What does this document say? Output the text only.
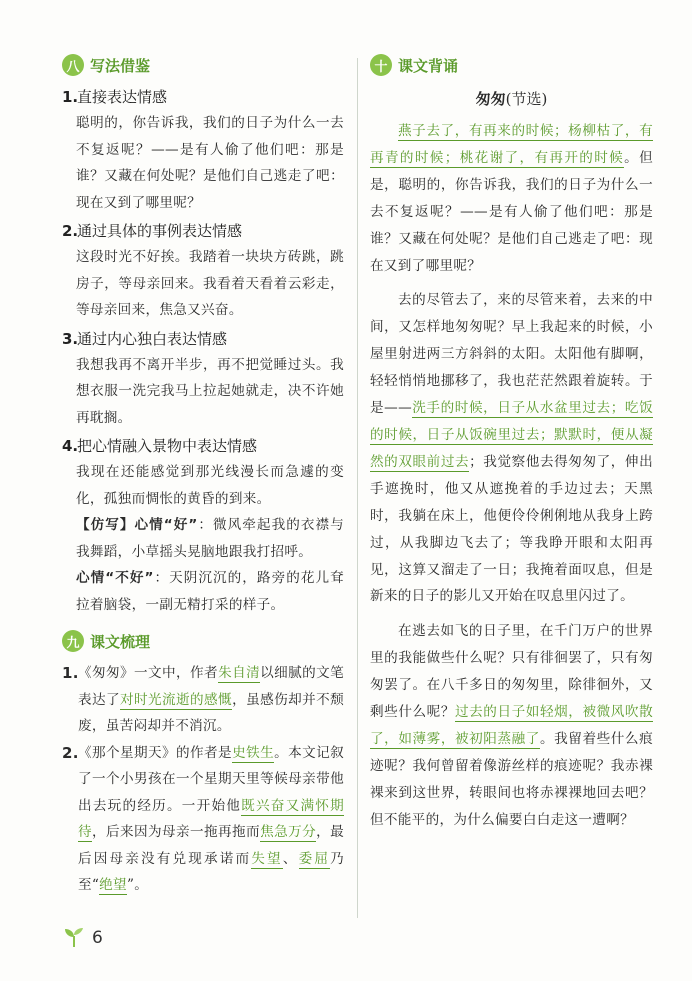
八 写法借鉴
1.
直接表达情感

聪明的，你告诉我，我们的日子为什么一去不复返呢？——是有人偷了他们吧：那是谁？又藏在何处呢？是他们自己逃走了吧：现在又到了哪里呢？

2.
通过具体的事例表达情感

这段时光不好挨。我踏着一块块方砖跳，跳房子，等母亲回来。我看着天看着云彩走，等母亲回来，焦急又兴奋。

3.
通过内心独白表达情感

我想我再不离开半步，再不把觉睡过头。我想衣服一洗完我马上拉起她就走，决不许她再耽搁。

4.
把心情融入景物中表达情感

我现在还能感觉到那光线漫长而急遽的变化，孤独而惆怅的黄昏的到来。
【仿写】心情“好”：微风牵起我的衣襟与我舞蹈，小草摇头晃脑地跟我打招呼。
心情“不好”：天阴沉沉的，路旁的花儿耷拉着脑袋，一副无精打采的样子。

九 课文梳理
1. 《匆匆》一文中，作者朱自清以细腻的文笔表达了对时光流逝的感慨，虽感伤却并不颓废，虽苦闷却并不消沉。
2. 《那个星期天》的作者是史铁生。本文记叙了一个小男孩在一个星期天里等候母亲带他出去玩的经历。一开始他既兴奋又满怀期待，后来因为母亲一拖再拖而焦急万分，最后因母亲没有兑现承诺而失望、委屈乃至“绝望”。
十 课文背诵
匆匆(节选)

燕子去了，有再来的时候；杨柳枯了，有再青的时候；桃花谢了，有再开的时候。但是，聪明的，你告诉我，我们的日子为什么一去不复返呢？——是有人偷了他们吧：那是谁？又藏在何处呢？是他们自己逃走了吧：现在又到了哪里呢？

去的尽管去了，来的尽管来着，去来的中间，又怎样地匆匆呢？早上我起来的时候，小屋里射进两三方斜斜的太阳。太阳他有脚啊，轻轻悄悄地挪移了，我也茫茫然跟着旋转。于是——洗手的时候，日子从水盆里过去；吃饭的时候，日子从饭碗里过去；默默时，便从凝然的双眼前过去；我觉察他去得匆匆了，伸出手遮挽时，他又从遮挽着的手边过去；天黑时，我躺在床上，他便伶伶俐俐地从我身上跨过，从我脚边飞去了；等我睁开眼和太阳再见，这算又溜走了一日；我掩着面叹息，但是新来的日子的影儿又开始在叹息里闪过了。

在逃去如飞的日子里，在千门万户的世界里的我能做些什么呢？只有徘徊罢了，只有匆匆罢了。在八千多日的匆匆里，除徘徊外，又剩些什么呢？过去的日子如轻烟，被微风吹散了，如薄雾，被初阳蒸融了。我留着些什么痕迹呢？我何曾留着像游丝样的痕迹呢？我赤裸裸来到这世界，转眼间也将赤裸裸地回去吧？但不能平的，为什么偏要白白走这一遭啊？

6
